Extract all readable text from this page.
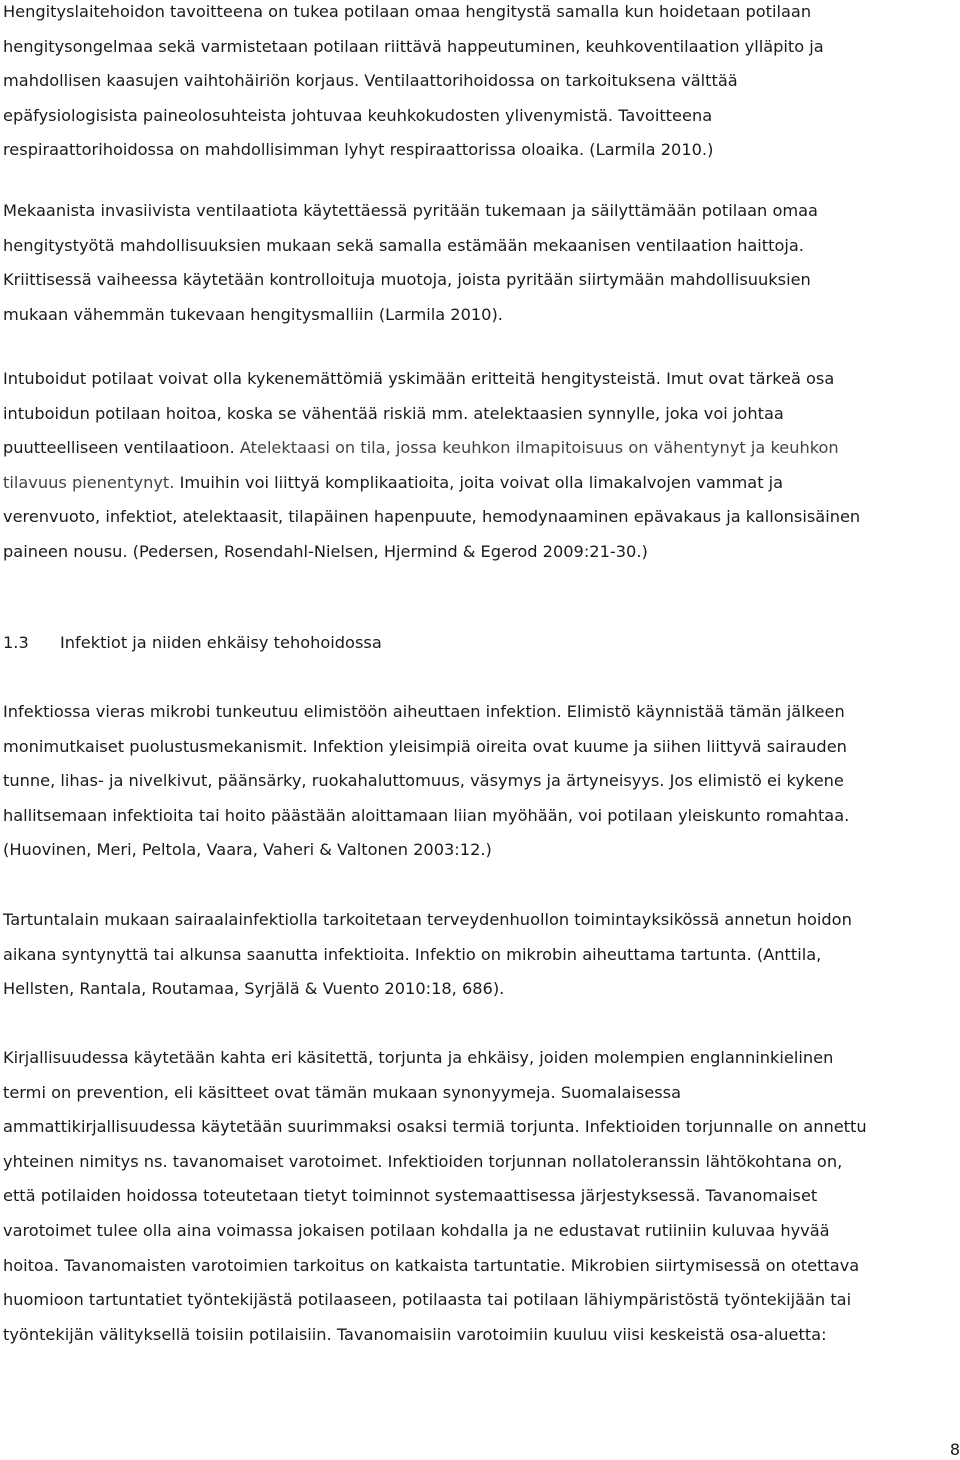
Hengityslaitehoidon tavoitteena on tukea potilaan omaa hengitystä samalla kun hoidetaan potilaan
hengitysongelmaa sekä varmistetaan potilaan riittävä happeutuminen, keuhkoventilaation ylläpito ja
mahdollisen kaasujen vaihtohäiriön korjaus. Ventilaattorihoidossa on tarkoituksena välttää
epäfysiologisista paineolosuhteista johtuvaa keuhkokudosten ylivenymistä. Tavoitteena
respiraattorihoidossa on mahdollisimman lyhyt respiraattorissa oloaika. (Larmila 2010.)

Mekaanista invasiivista ventilaatiota käytettäessä pyritään tukemaan ja säilyttämään potilaan omaa
hengitystyötä mahdollisuuksien mukaan sekä samalla estämään mekaanisen ventilaation haittoja.
Kriittisessä vaiheessa käytetään kontrolloituja muotoja, joista pyritään siirtymään mahdollisuuksien
mukaan vähemmän tukevaan hengitysmalliin (Larmila 2010).

Intuboidut potilaat voivat olla kykenemättömiä yskimään eritteitä hengitysteistä. Imut ovat tärkeä osa
intuboidun potilaan hoitoa, koska se vähentää riskiä mm. atelektaasien synnylle, joka voi johtaa
puutteelliseen ventilaatioon. Atelektaasi on tila, jossa keuhkon ilmapitoisuus on vähentynyt ja keuhkon
tilavuus pienentynyt. Imuihin voi liittyä komplikaatioita, joita voivat olla limakalvojen vammat ja
verenvuoto, infektiot, atelektaasit, tilapäinen hapenpuute, hemodynaaminen epävakaus ja kallonsisäinen
paineen nousu. (Pedersen, Rosendahl-Nielsen, Hjermind & Egerod 2009:21-30.)

1.3 Infektiot ja niiden ehkäisy tehohoidossa

Infektiossa vieras mikrobi tunkeutuu elimistöön aiheuttaen infektion. Elimistö käynnistää tämän jälkeen
monimutkaiset puolustusmekanismit. Infektion yleisimpiä oireita ovat kuume ja siihen liittyvä sairauden
tunne, lihas- ja nivelkivut, päänsärky, ruokahaluttomuus, väsymys ja ärtyneisyys. Jos elimistö ei kykene
hallitsemaan infektioita tai hoito päästään aloittamaan liian myöhään, voi potilaan yleiskunto romahtaa.
(Huovinen, Meri, Peltola, Vaara, Vaheri & Valtonen 2003:12.)

Tartuntalain mukaan sairaalainfektiolla tarkoitetaan terveydenhuollon toimintayksikössä annetun hoidon
aikana syntynyttä tai alkunsa saanutta infektioita. Infektio on mikrobin aiheuttama tartunta. (Anttila,
Hellsten, Rantala, Routamaa, Syrjälä & Vuento 2010:18, 686).

Kirjallisuudessa käytetään kahta eri käsitettä, torjunta ja ehkäisy, joiden molempien englanninkielinen
termi on prevention, eli käsitteet ovat tämän mukaan synonyymeja. Suomalaisessa
ammattikirjallisuudessa käytetään suurimmaksi osaksi termiä torjunta. Infektioiden torjunnalle on annettu
yhteinen nimitys ns. tavanomaiset varotoimet. Infektioiden torjunnan nollatoleranssin lähtökohtana on,
että potilaiden hoidossa toteutetaan tietyt toiminnot systemaattisessa järjestyksessä. Tavanomaiset
varotoimet tulee olla aina voimassa jokaisen potilaan kohdalla ja ne edustavat rutiiniin kuluvaa hyvää
hoitoa. Tavanomaisten varotoimien tarkoitus on katkaista tartuntatie. Mikrobien siirtymisessä on otettava
huomioon tartuntatiet työntekijästä potilaaseen, potilaasta tai potilaan lähiympäristöstä työntekijään tai
työntekijän välityksellä toisiin potilaisiin. Tavanomaisiin varotoimiin kuuluu viisi keskeistä osa-aluetta:

8
